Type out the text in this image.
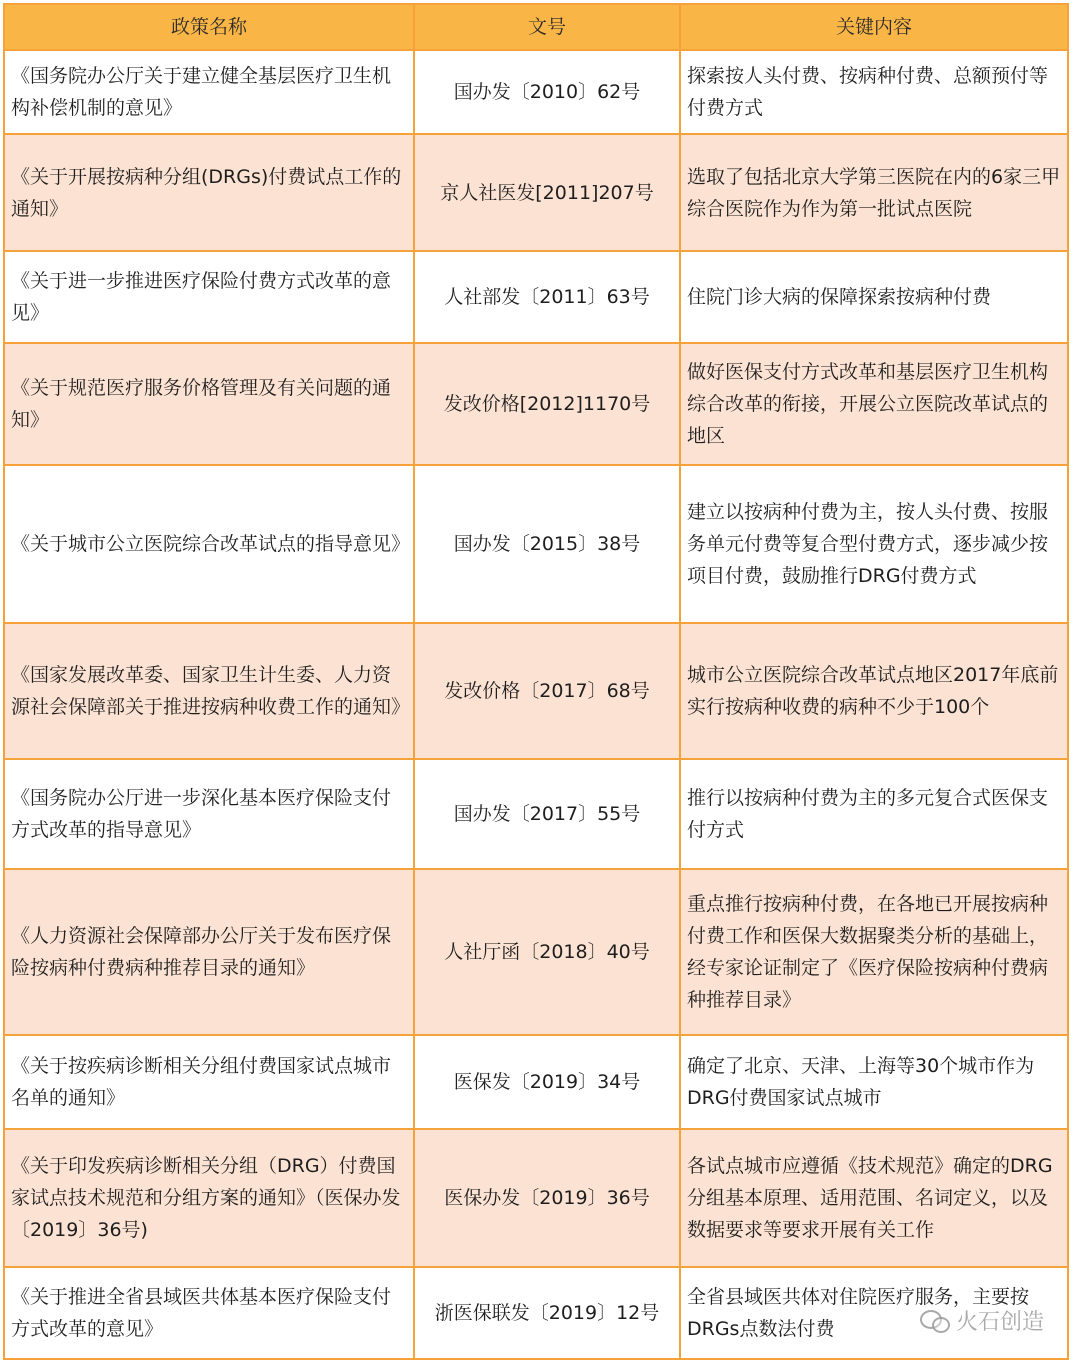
政策名称	文号	关键内容
《国务院办公厅关于建立健全基层医疗卫生机构补偿机制的意见》	国办发〔2010〕62号	探索按人头付费、按病种付费、总额预付等付费方式
《关于开展按病种分组(DRGs)付费试点工作的通知》	京人社医发[2011]207号	选取了包括北京大学第三医院在内的6家三甲综合医院作为作为第一批试点医院
《关于进一步推进医疗保险付费方式改革的意见》	人社部发〔2011〕63号	住院门诊大病的保障探索按病种付费
《关于规范医疗服务价格管理及有关问题的通知》	发改价格[2012]1170号	做好医保支付方式改革和基层医疗卫生机构综合改革的衔接，开展公立医院改革试点的地区
《关于城市公立医院综合改革试点的指导意见》	国办发〔2015〕38号	建立以按病种付费为主，按人头付费、按服务单元付费等复合型付费方式，逐步减少按项目付费，鼓励推行DRG付费方式
《国家发展改革委、国家卫生计生委、人力资源社会保障部关于推进按病种收费工作的通知》	发改价格〔2017〕68号	城市公立医院综合改革试点地区2017年底前实行按病种收费的病种不少于100个
《国务院办公厅进一步深化基本医疗保险支付方式改革的指导意见》	国办发〔2017〕55号	推行以按病种付费为主的多元复合式医保支付方式
《人力资源社会保障部办公厅关于发布医疗保险按病种付费病种推荐目录的通知》	人社厅函〔2018〕40号	重点推行按病种付费，在各地已开展按病种付费工作和医保大数据聚类分析的基础上，经专家论证制定了《医疗保险按病种付费病种推荐目录》
《关于按疾病诊断相关分组付费国家试点城市名单的通知》	医保发〔2019〕34号	确定了北京、天津、上海等30个城市作为DRG付费国家试点城市
《关于印发疾病诊断相关分组（DRG）付费国家试点技术规范和分组方案的通知》（医保办发〔2019〕36号)	医保办发〔2019〕36号	各试点城市应遵循《技术规范》确定的DRG分组基本原理、适用范围、名词定义，以及数据要求等要求开展有关工作
《关于推进全省县域医共体基本医疗保险支付方式改革的意见》	浙医保联发〔2019〕12号	全省县域医共体对住院医疗服务，主要按DRGs点数法付费	火石创造
